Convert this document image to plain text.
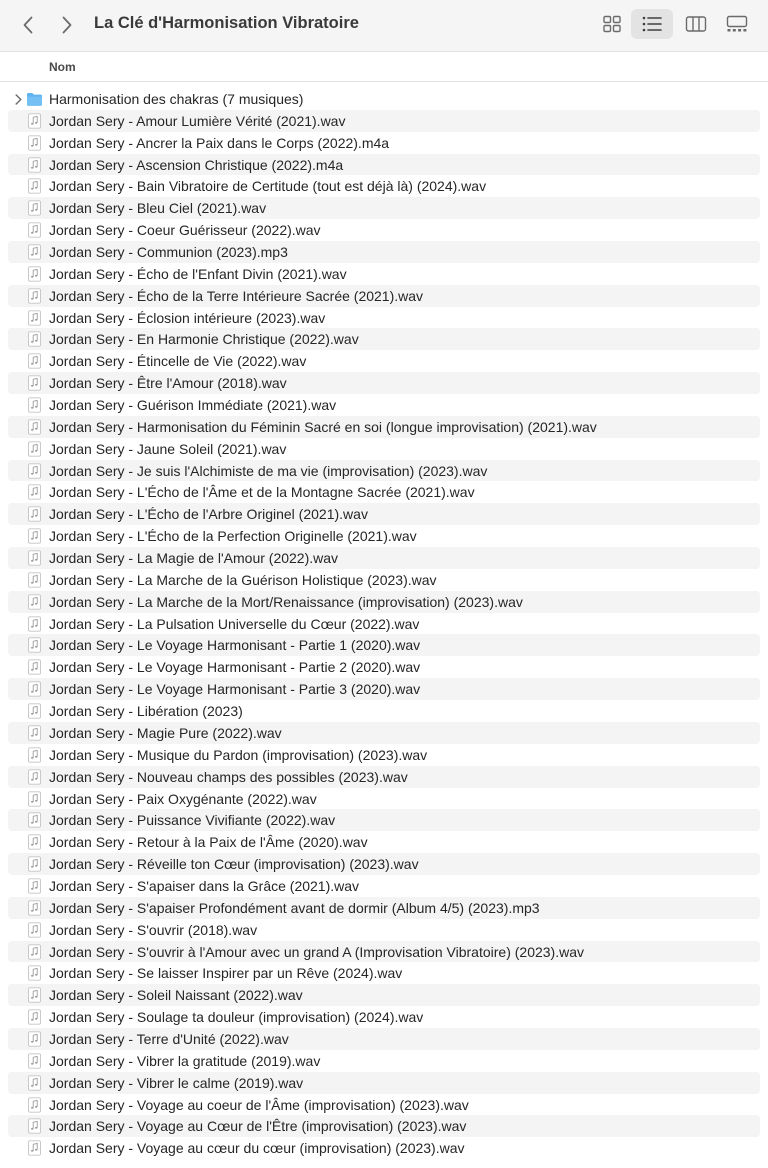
La Clé d'Harmonisation Vibratoire
Nom
Harmonisation des chakras (7 musiques)
Jordan Sery - Amour Lumière Vérité (2021).wav
Jordan Sery - Ancrer la Paix dans le Corps (2022).m4a
Jordan Sery - Ascension Christique (2022).m4a
Jordan Sery - Bain Vibratoire de Certitude (tout est déjà là) (2024).wav
Jordan Sery - Bleu Ciel (2021).wav
Jordan Sery - Coeur Guérisseur (2022).wav
Jordan Sery - Communion (2023).mp3
Jordan Sery - Écho de l'Enfant Divin (2021).wav
Jordan Sery - Écho de la Terre Intérieure Sacrée (2021).wav
Jordan Sery - Éclosion intérieure (2023).wav
Jordan Sery - En Harmonie Christique (2022).wav
Jordan Sery - Étincelle de Vie (2022).wav
Jordan Sery - Être l'Amour (2018).wav
Jordan Sery - Guérison Immédiate (2021).wav
Jordan Sery - Harmonisation du Féminin Sacré en soi (longue improvisation) (2021).wav
Jordan Sery - Jaune Soleil (2021).wav
Jordan Sery - Je suis l'Alchimiste de ma vie (improvisation) (2023).wav
Jordan Sery - L'Écho de l'Âme et de la Montagne Sacrée (2021).wav
Jordan Sery - L'Écho de l'Arbre Originel (2021).wav
Jordan Sery - L'Écho de la Perfection Originelle (2021).wav
Jordan Sery - La Magie de l'Amour (2022).wav
Jordan Sery - La Marche de la Guérison Holistique (2023).wav
Jordan Sery - La Marche de la Mort/Renaissance (improvisation) (2023).wav
Jordan Sery - La Pulsation Universelle du Cœur (2022).wav
Jordan Sery - Le Voyage Harmonisant - Partie 1 (2020).wav
Jordan Sery - Le Voyage Harmonisant - Partie 2 (2020).wav
Jordan Sery - Le Voyage Harmonisant - Partie 3 (2020).wav
Jordan Sery - Libération (2023)
Jordan Sery - Magie Pure (2022).wav
Jordan Sery - Musique du Pardon (improvisation) (2023).wav
Jordan Sery - Nouveau champs des possibles (2023).wav
Jordan Sery - Paix Oxygénante (2022).wav
Jordan Sery - Puissance Vivifiante (2022).wav
Jordan Sery - Retour à la Paix de l'Âme (2020).wav
Jordan Sery - Réveille ton Cœur (improvisation) (2023).wav
Jordan Sery - S'apaiser dans la Grâce (2021).wav
Jordan Sery - S'apaiser Profondément avant de dormir (Album 4/5) (2023).mp3
Jordan Sery - S'ouvrir (2018).wav
Jordan Sery - S'ouvrir à l'Amour avec un grand A (Improvisation Vibratoire) (2023).wav
Jordan Sery - Se laisser Inspirer par un Rêve (2024).wav
Jordan Sery - Soleil Naissant (2022).wav
Jordan Sery - Soulage ta douleur (improvisation) (2024).wav
Jordan Sery - Terre d'Unité (2022).wav
Jordan Sery - Vibrer la gratitude (2019).wav
Jordan Sery - Vibrer le calme (2019).wav
Jordan Sery - Voyage au coeur de l'Âme (improvisation) (2023).wav
Jordan Sery - Voyage au Cœur de l'Être (improvisation) (2023).wav
Jordan Sery - Voyage au cœur du cœur (improvisation) (2023).wav
